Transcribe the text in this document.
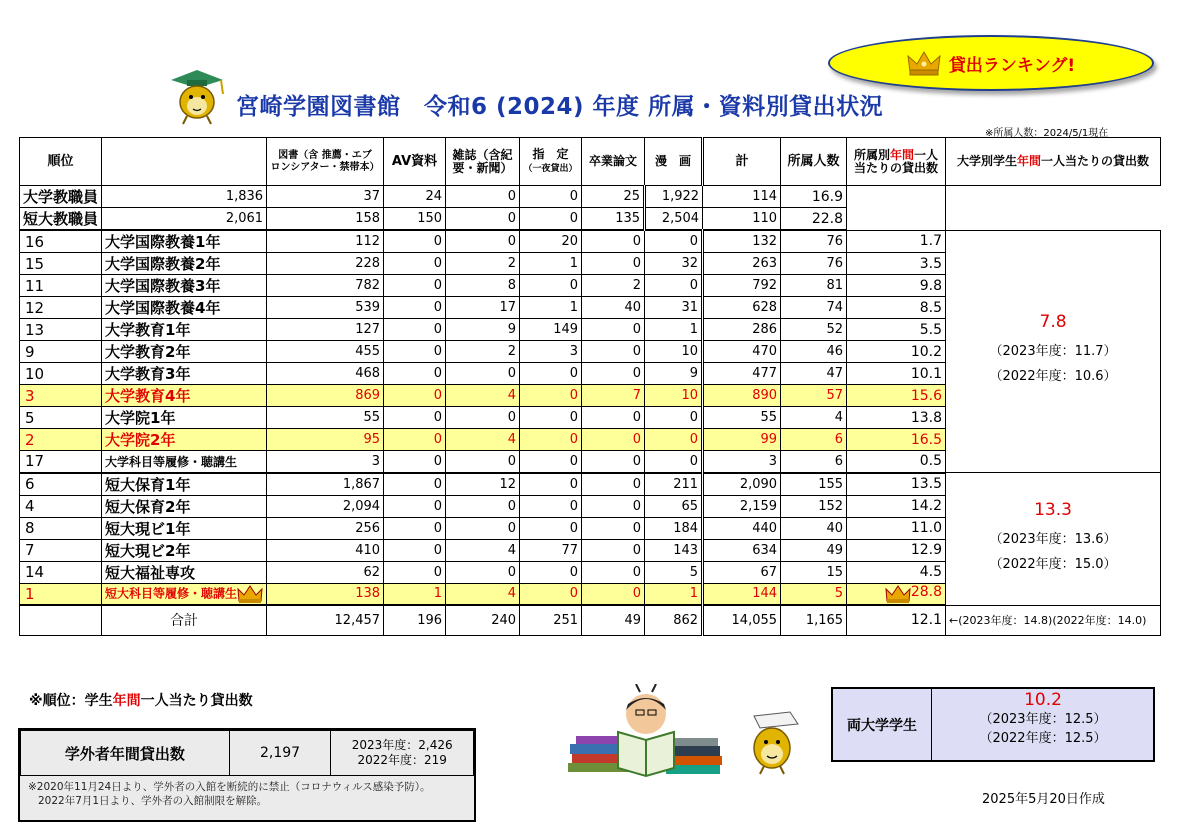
貸出ランキング!
宮崎学園図書館　令和6 (2024) 年度 所属・資料別貸出状況
※所属人数：2024/5/1現在
順位		図書（含 推薦・エブ
ロンシアター・禁帯本）	AV資料	雑誌（含紀
要・新聞）	指　定
（一夜貸出）	卒業論文	漫　画	計	所属人数	所属別年間一人
当たりの貸出数	大学別学生年間一人当たりの貸出数
大学教職員	1,836	37	24	0	0	25	1,922	114	16.9		
短大教職員	2,061	158	150	0	0	135	2,504	110	22.8		
16	大学国際教養1年	112	0	0	20	0	0	132	76	1.7	7.8
（2023年度：11.7）
（2022年度：10.6）

15	大学国際教養2年	228	0	2	1	0	32	263	76	3.5	
11	大学国際教養3年	782	0	8	0	2	0	792	81	9.8	
12	大学国際教養4年	539	0	17	1	40	31	628	74	8.5	
13	大学教育1年	127	0	9	149	0	1	286	52	5.5	
9	大学教育2年	455	0	2	3	0	10	470	46	10.2	
10	大学教育3年	468	0	0	0	0	9	477	47	10.1	
3	大学教育4年	869	0	4	0	7	10	890	57	15.6	
5	大学院1年	55	0	0	0	0	0	55	4	13.8	
2	大学院2年	95	0	4	0	0	0	99	6	16.5	
17	大学科目等履修・聴講生	3	0	0	0	0	0	3	6	0.5	
6	短大保育1年	1,867	0	12	0	0	211	2,090	155	13.5	13.3
（2023年度：13.6）
（2022年度：15.0）

4	短大保育2年	2,094	0	0	0	0	65	2,159	152	14.2	
8	短大現ビ1年	256	0	0	0	0	184	440	40	11.0	
7	短大現ビ2年	410	0	4	77	0	143	634	49	12.9	
14	短大福祉専攻	62	0	0	0	0	5	67	15	4.5	
1	短大科目等履修・聴講生	138	1	4	0	0	1	144	5	28.8	

	合計	12,457	196	240	251	49	862	14,055	1,165	12.1	←(2023年度：14.8)(2022年度：14.0)
※順位：学生年間一人当たり貸出数
学外者年間貸出数	2,197	2023年度：2,426
2022年度：219
※2020年11月24日より、学外者の入館を断続的に禁止（コロナウィルス感染予防）。
2022年7月1日より、学外者の入館制限を解除。
両大学学生
10.2
（2023年度：12.5）
（2022年度：12.5）
2025年5月20日作成
